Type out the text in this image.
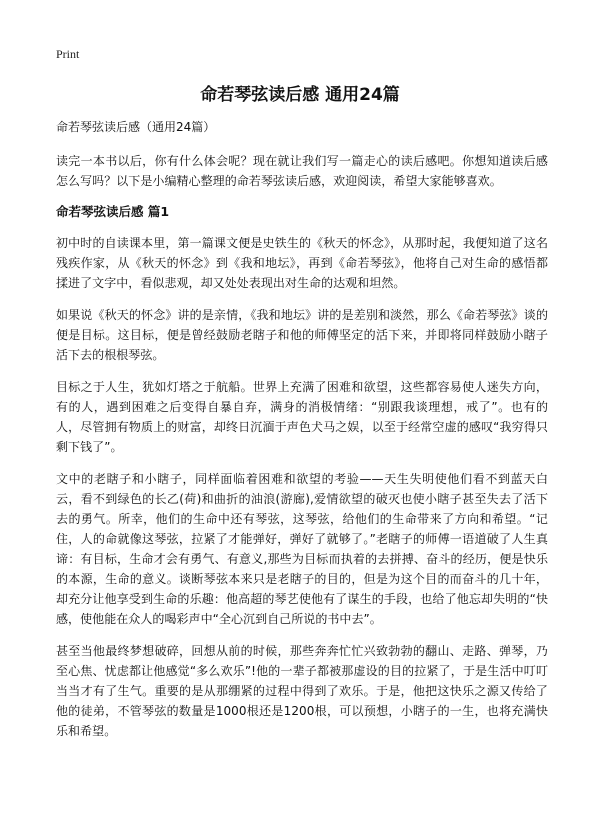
Print
命若琴弦读后感 通用24篇

命若琴弦读后感（通用24篇）

读完一本书以后，你有什么体会呢？现在就让我们写一篇走心的读后感吧。你想知道读后感怎么写吗？以下是小编精心整理的命若琴弦读后感，欢迎阅读，希望大家能够喜欢。

命若琴弦读后感 篇1

初中时的自读课本里，第一篇课文便是史铁生的《秋天的怀念》，从那时起，我便知道了这名残疾作家，从《秋天的怀念》到《我和地坛》，再到《命若琴弦》，他将自己对生命的感悟都揉进了文字中，看似悲观，却又处处表现出对生命的达观和坦然。

如果说《秋天的怀念》讲的是亲情，《我和地坛》讲的是差别和淡然，那么《命若琴弦》谈的便是目标。这目标，便是曾经鼓励老瞎子和他的师傅坚定的活下来，并即将同样鼓励小瞎子活下去的根根琴弦。

目标之于人生，犹如灯塔之于航船。世界上充满了困难和欲望，这些都容易使人迷失方向，有的人，遇到困难之后变得自暴自弃，满身的消极情绪：“别跟我谈理想，戒了”。也有的人，尽管拥有物质上的财富，却终日沉湎于声色犬马之娱，以至于经常空虚的感叹“我穷得只剩下钱了”。

文中的老瞎子和小瞎子，同样面临着困难和欲望的考验——天生失明使他们看不到蓝天白云，看不到绿色的长乙(荷)和曲折的油浪(游廊),爱情欲望的破灭也使小瞎子甚至失去了活下去的勇气。所幸，他们的生命中还有琴弦，这琴弦，给他们的生命带来了方向和希望。“记住，人的命就像这琴弦，拉紧了才能弹好，弹好了就够了。”老瞎子的师傅一语道破了人生真谛：有目标，生命才会有勇气、有意义,那些为目标而执着的去拼搏、奋斗的经历，便是快乐的本源，生命的意义。谈断琴弦本来只是老瞎子的目的，但是为这个目的而奋斗的几十年，却充分让他享受到生命的乐趣：他高超的琴艺使他有了谋生的手段，也给了他忘却失明的“快感，使他能在众人的喝彩声中“全心沉到自己所说的书中去”。

甚至当他最终梦想破碎，回想从前的时候，那些奔奔忙忙兴致勃勃的翻山、走路、弹琴，乃至心焦、忧虑都让他感觉“多么欢乐”!他的一辈子都被那虚设的目的拉紧了，于是生活中叮叮当当才有了生气。重要的是从那绷紧的过程中得到了欢乐。于是，他把这快乐之源又传给了他的徒弟，不管琴弦的数量是1000根还是1200根，可以预想，小瞎子的一生，也将充满快乐和希望。
